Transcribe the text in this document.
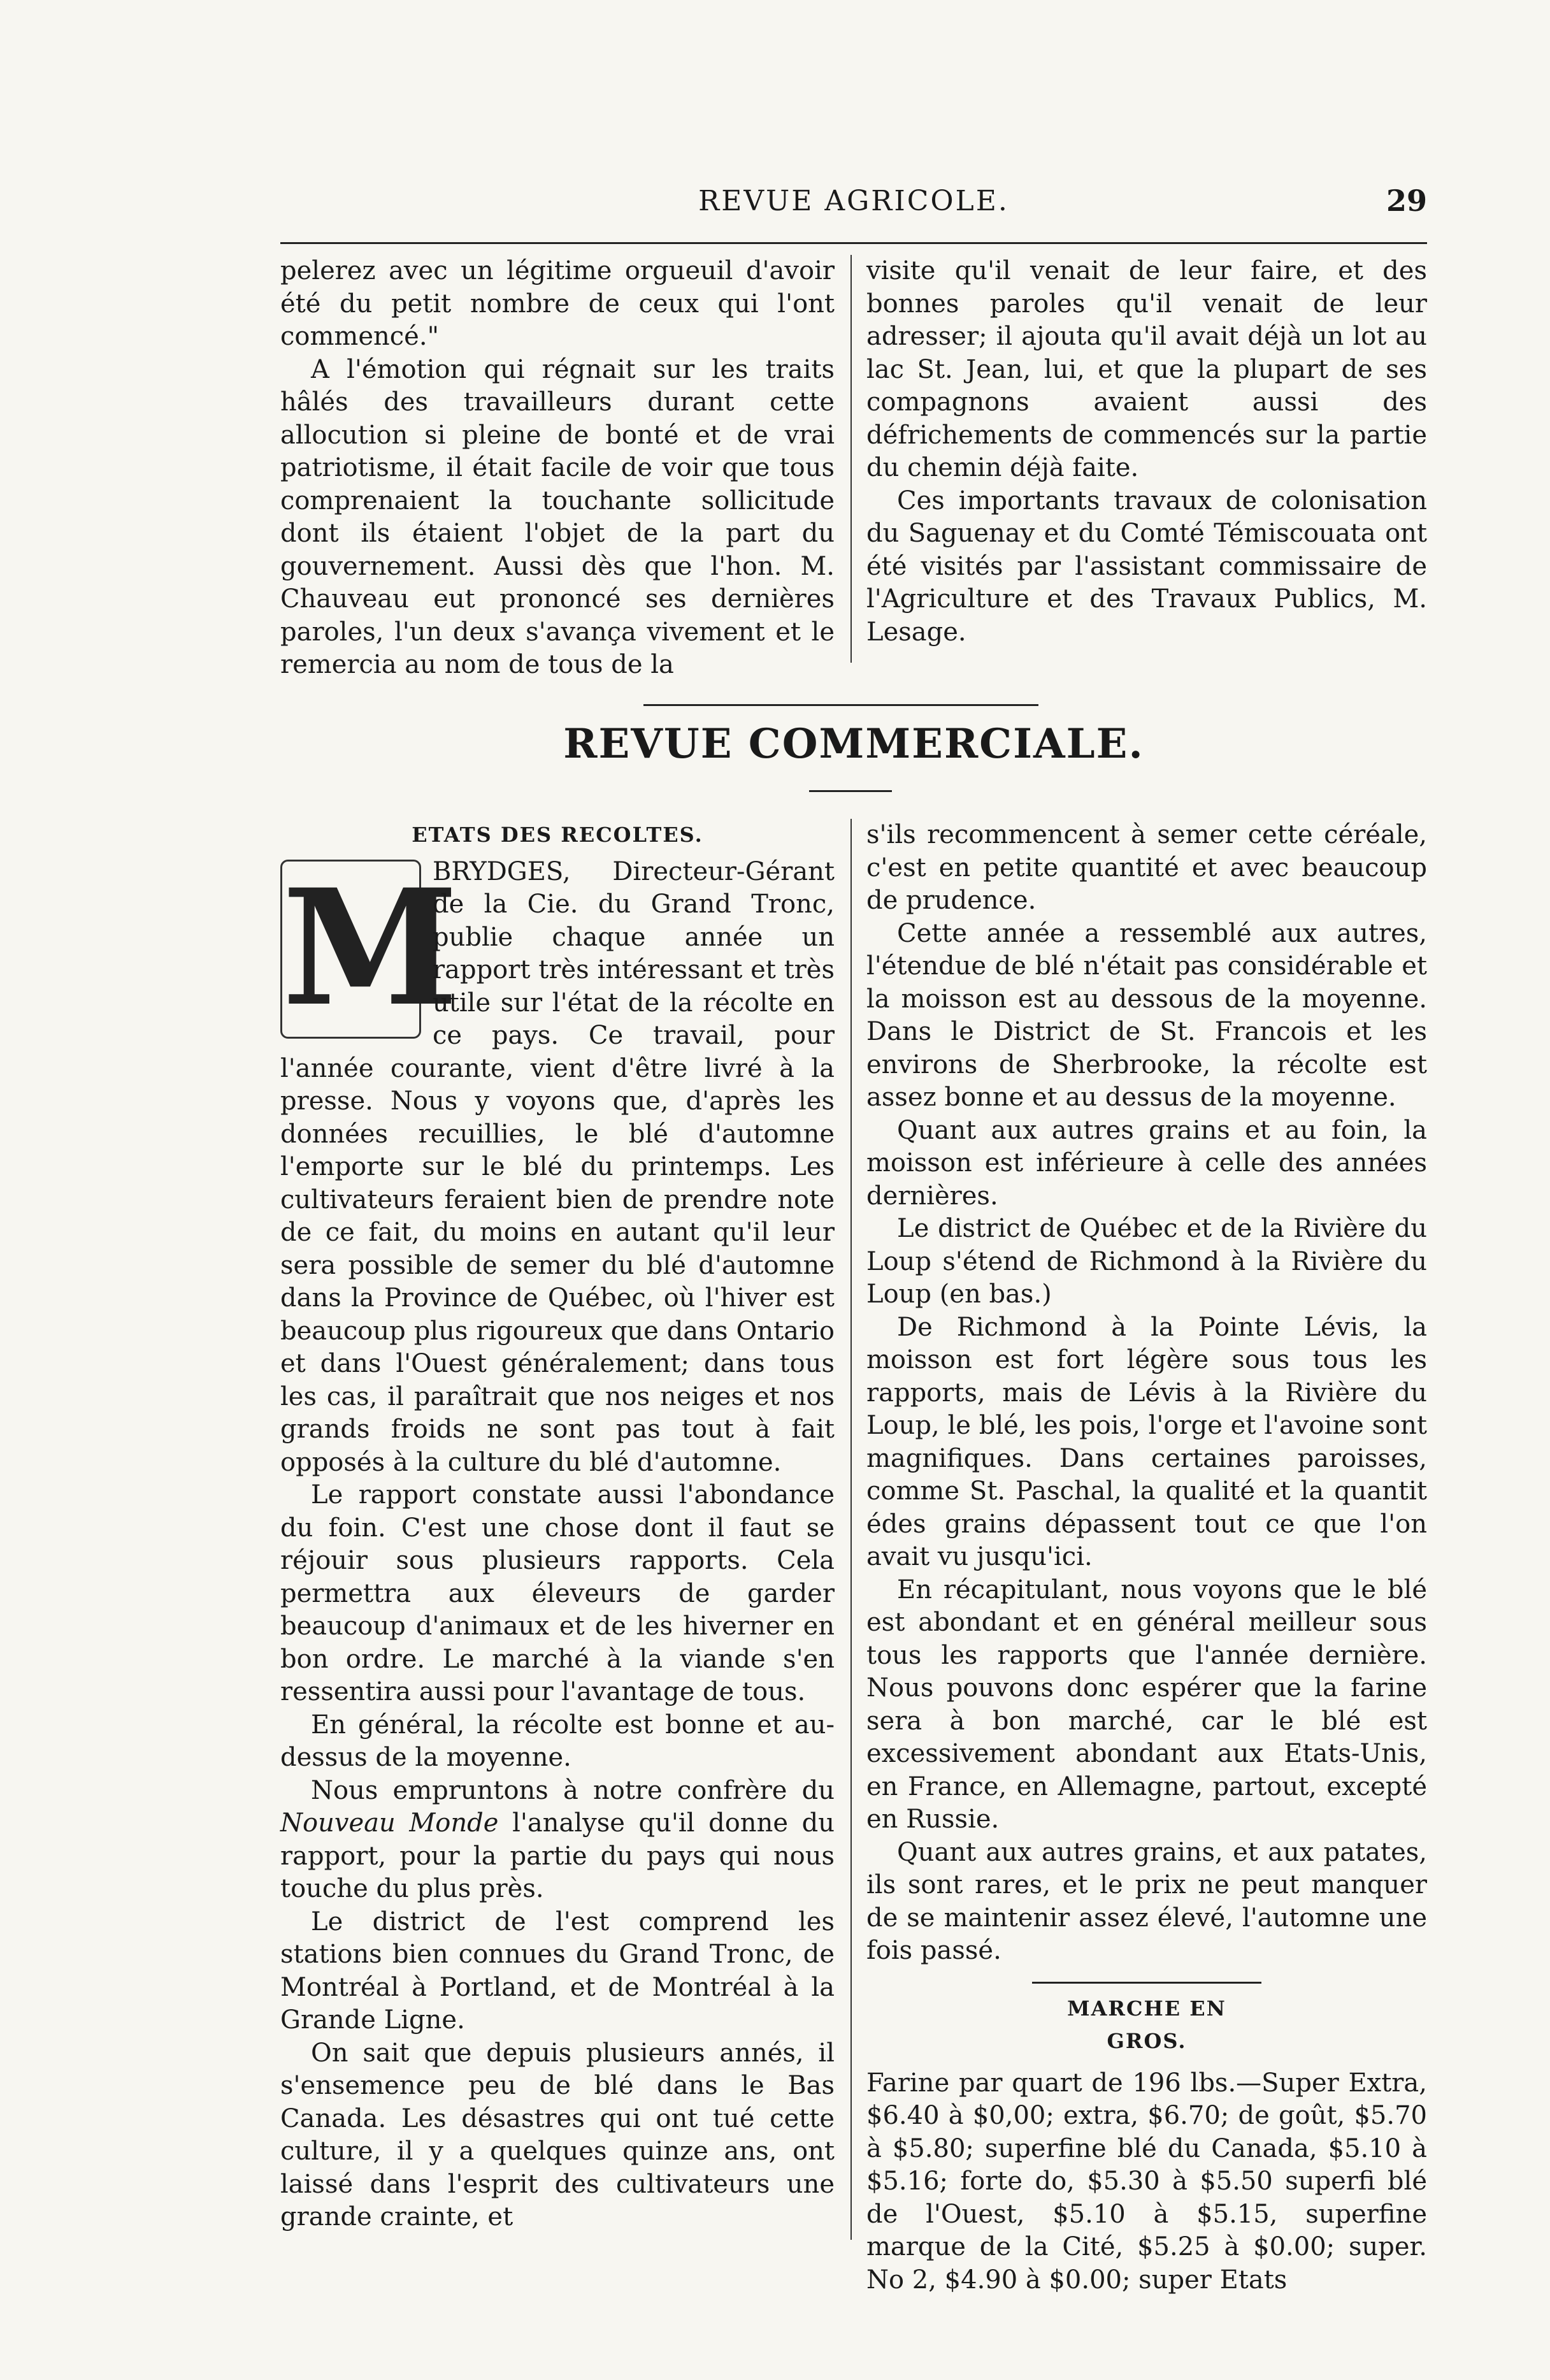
REVUE AGRICOLE.	29

pelerez avec un légitime orgueuil d'avoir été du petit nombre de ceux qui l'ont commencé."

A l'émotion qui régnait sur les traits hâlés des travailleurs durant cette allocution si pleine de bonté et de vrai patriotisme, il était facile de voir que tous comprenaient la touchante sollicitude dont ils étaient l'objet de la part du gouvernement. Aussi dès que l'hon. M. Chauveau eut prononcé ses dernières paroles, l'un deux s'avança vivement et le remercia au nom de tous de la

visite qu'il venait de leur faire, et des bonnes paroles qu'il venait de leur adresser; il ajouta qu'il avait déjà un lot au lac St. Jean, lui, et que la plupart de ses compagnons avaient aussi des défrichements de commencés sur la partie du chemin déjà faite.

Ces importants travaux de colonisation du Saguenay et du Comté Témiscouata ont été visités par l'assistant commissaire de l'Agriculture et des Travaux Publics, M. Lesage.

REVUE COMMERCIALE.
ETATS DES RECOLTES.
M

BRYDGES, Directeur-Gérant de la Cie. du Grand Tronc, publie chaque année un rapport très intéressant et très utile sur l'état de la récolte en ce pays. Ce travail, pour l'année courante, vient d'être livré à la presse. Nous y voyons que, d'après les données recuillies, le blé d'automne l'emporte sur le blé du printemps. Les cultivateurs feraient bien de prendre note de ce fait, du moins en autant qu'il leur sera possible de semer du blé d'automne dans la Province de Québec, où l'hiver est beaucoup plus rigoureux que dans Ontario et dans l'Ouest généralement; dans tous les cas, il paraîtrait que nos neiges et nos grands froids ne sont pas tout à fait opposés à la culture du blé d'automne.

Le rapport constate aussi l'abondance du foin. C'est une chose dont il faut se réjouir sous plusieurs rapports. Cela permettra aux éleveurs de garder beaucoup d'animaux et de les hiverner en bon ordre. Le marché à la viande s'en ressentira aussi pour l'avantage de tous.

En général, la récolte est bonne et au-dessus de la moyenne.

Nous empruntons à notre confrère du Nouveau Monde l'analyse qu'il donne du rapport, pour la partie du pays qui nous touche du plus près.

Le district de l'est comprend les stations bien connues du Grand Tronc, de Montréal à Portland, et de Montréal à la Grande Ligne.

On sait que depuis plusieurs annés, il s'ensemence peu de blé dans le Bas Canada. Les désastres qui ont tué cette culture, il y a quelques quinze ans, ont laissé dans l'esprit des cultivateurs une grande crainte, et

s'ils recommencent à semer cette céréale, c'est en petite quantité et avec beaucoup de prudence.

Cette année a ressemblé aux autres, l'étendue de blé n'était pas considérable et la moisson est au dessous de la moyenne. Dans le District de St. Francois et les environs de Sherbrooke, la récolte est assez bonne et au dessus de la moyenne.

Quant aux autres grains et au foin, la moisson est inférieure à celle des années dernières.

Le district de Québec et de la Rivière du Loup s'étend de Richmond à la Rivière du Loup (en bas.)

De Richmond à la Pointe Lévis, la moisson est fort légère sous tous les rapports, mais de Lévis à la Rivière du Loup, le blé, les pois, l'orge et l'avoine sont magnifiques. Dans certaines paroisses, comme St. Paschal, la qualité et la quantit édes grains dépassent tout ce que l'on avait vu jusqu'ici.

En récapitulant, nous voyons que le blé est abondant et en général meilleur sous tous les rapports que l'année dernière. Nous pouvons donc espérer que la farine sera à bon marché, car le blé est excessivement abondant aux Etats-Unis, en France, en Allemagne, partout, excepté en Russie.

Quant aux autres grains, et aux patates, ils sont rares, et le prix ne peut manquer de se maintenir assez élevé, l'automne une fois passé.

MARCHE EN GROS.

Farine par quart de 196 lbs.—Super Extra, $6.40 à $0,00; extra, $6.70; de goût, $5.70 à $5.80; superfine blé du Canada, $5.10 à $5.16; forte do, $5.30 à $5.50 superfi blé de l'Ouest, $5.10 à $5.15, superfine marque de la Cité, $5.25 à $0.00; super. No 2, $4.90 à $0.00; super Etats
